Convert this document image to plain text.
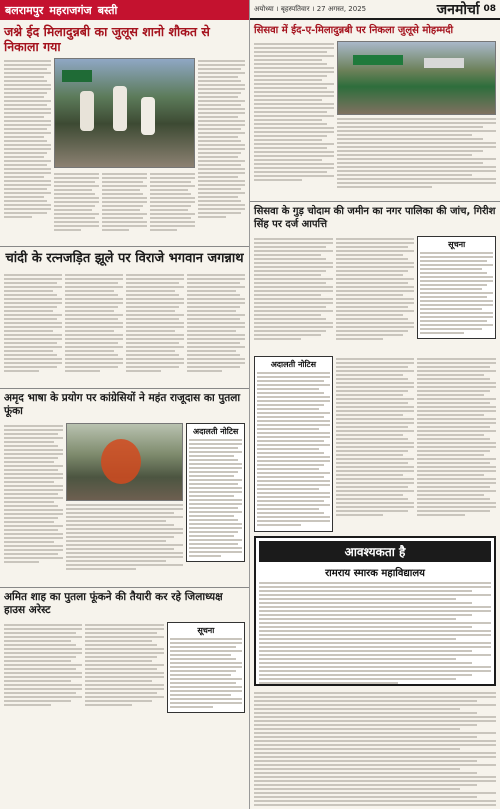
बलरामपुर महराजगंज बस्ती
जश्ने ईद मिलादुन्नबी का जुलूस शानो शौकत से निकाला गया
चांदी के रत्नजड़ित झूले पर विराजे भगवान जगन्नाथ
अमृद भाषा के प्रयोग पर कांग्रेसियों ने महंत राजूदास का पुतला फूंका
अदालती नोटिस
अमित शाह का पुतला फूंकने की तैयारी कर रहे जिलाध्यक्ष हाउस अरेस्ट
सूचना
अयोध्या । बृहस्पतिवार । 27 अगस्त, 2025	जनमोर्चा 08
सिसवा में ईद-ए-मिलादुन्नबी पर निकला जुलूसे मोहम्मदी
सिसवा के गुड़ चोदाम की जमीन का नगर पालिका की जांच, गिरीश सिंह पर दर्ज आपत्ति
सूचना
अदालती नोटिस
आवश्यकता है
रामराय स्मारक महाविद्यालय
